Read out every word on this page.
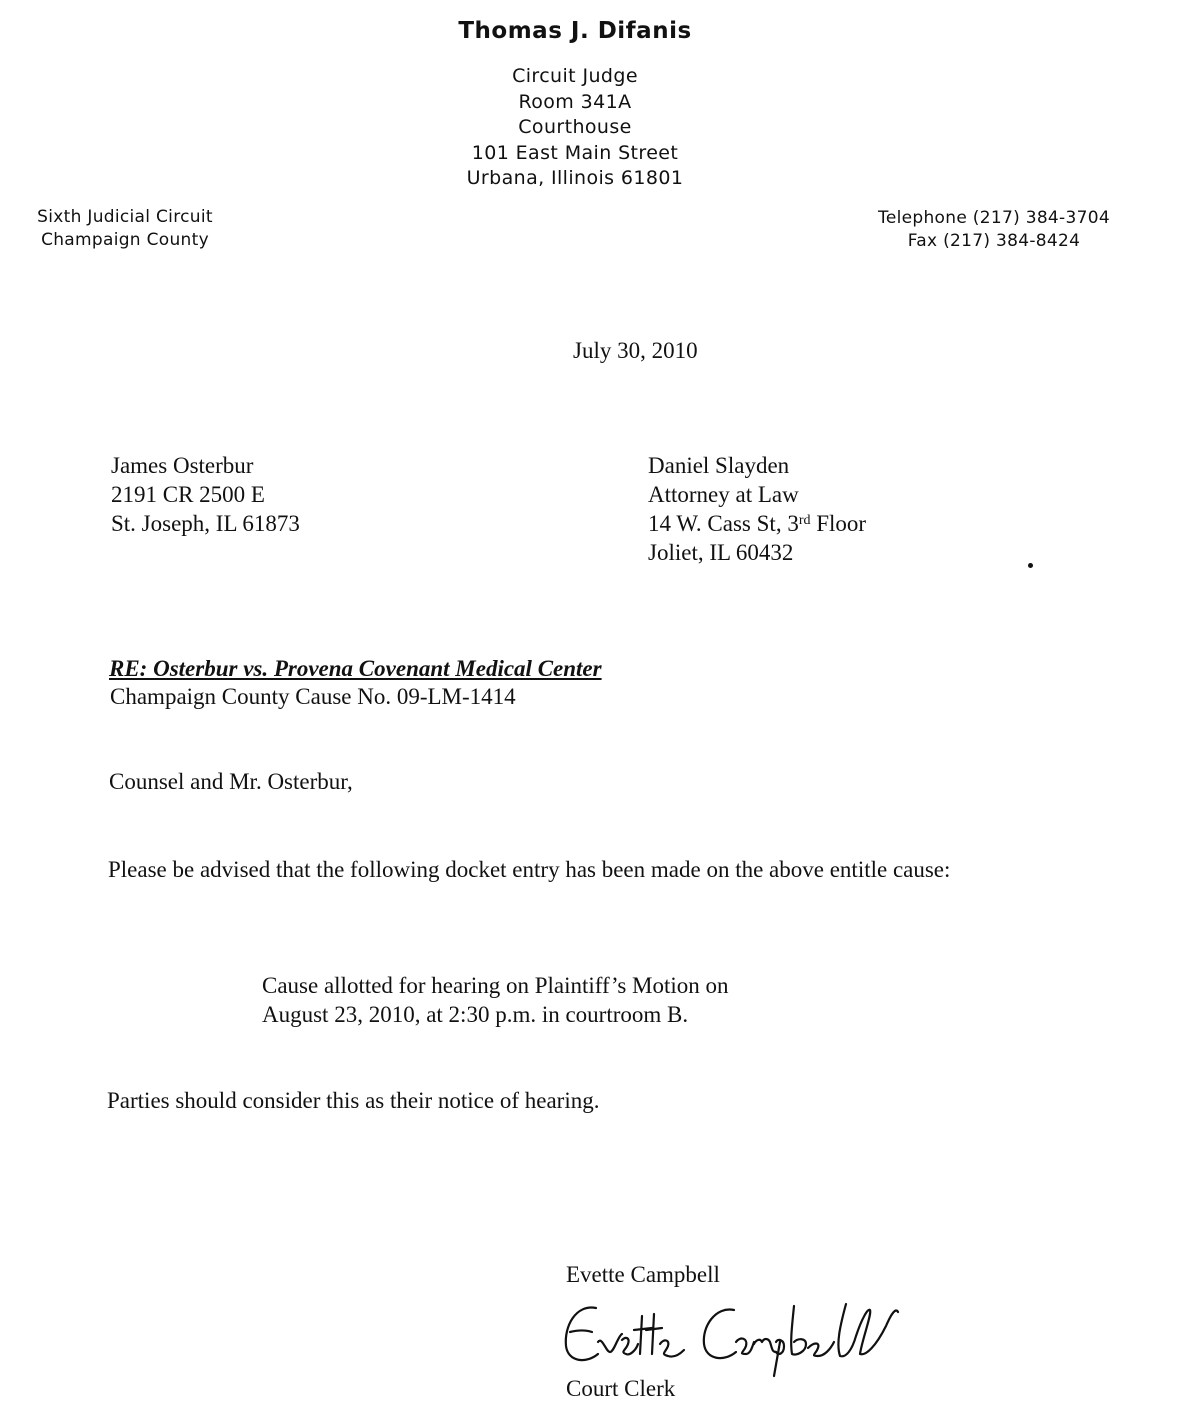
Thomas J. Difanis
Circuit Judge
Room 341A
Courthouse
101 East Main Street
Urbana, Illinois 61801
Sixth Judicial Circuit
Champaign County
Telephone (217) 384-3704
Fax (217) 384-8424
July 30, 2010
James Osterbur
2191 CR 2500 E
St. Joseph, IL 61873
Daniel Slayden
Attorney at Law
14 W. Cass St, 3rd Floor
Joliet, IL 60432
RE: Osterbur vs. Provena Covenant Medical Center
Champaign County Cause No. 09-LM-1414
Counsel and Mr. Osterbur,
Please be advised that the following docket entry has been made on the above entitle cause:
Cause allotted for hearing on Plaintiff’s Motion on
August 23, 2010, at 2:30 p.m. in courtroom B.
Parties should consider this as their notice of hearing.
Evette Campbell
Court Clerk
